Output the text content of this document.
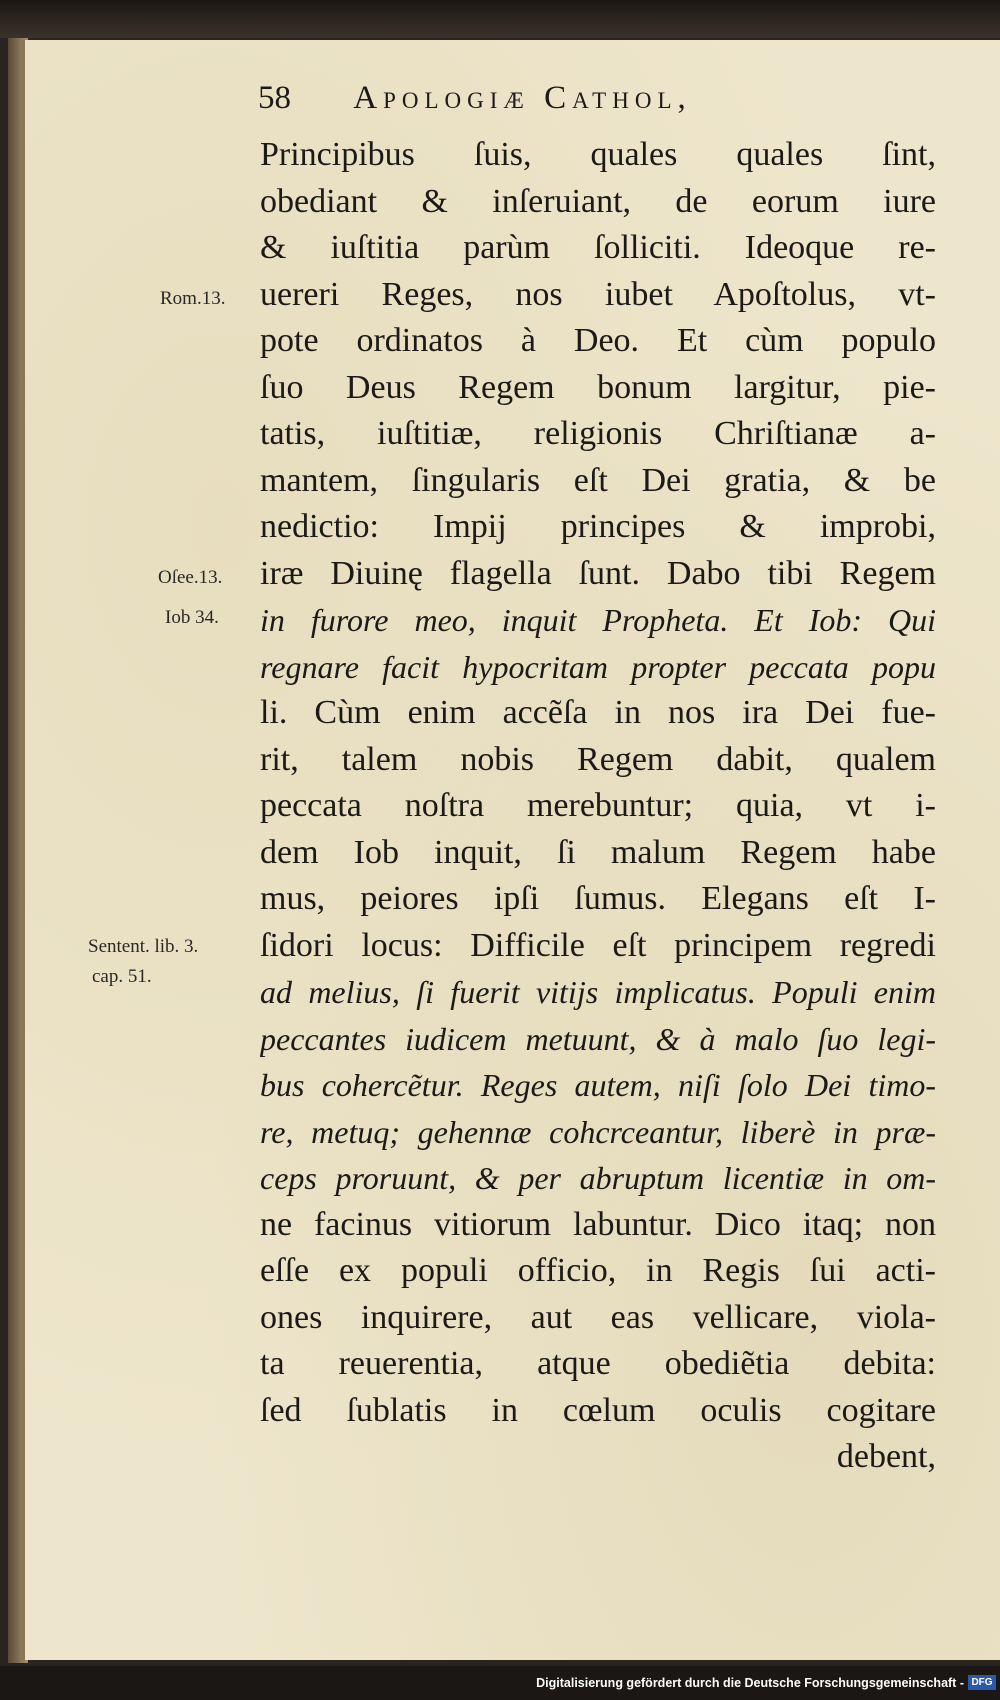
58 Apologiæ Cathol,
Principibus ſuis, quales quales ſint,
obediant & inſeruiant, de eorum iure
& iuſtitia parùm ſolliciti. Ideoque re-
uereri Reges, nos iubet Apoſtolus, vt-
pote ordinatos à Deo. Et cùm populo
ſuo Deus Regem bonum largitur, pie-
tatis, iuſtitiæ, religionis Chriſtianæ a-
mantem, ſingularis eſt Dei gratia, & be
nedictio: Impij principes & improbi,
iræ Diuinę flagella ſunt. Dabo tibi Regem
in furore meo, inquit Propheta. Et Iob: Qui
regnare facit hypocritam propter peccata popu
li. Cùm enim accẽſa in nos ira Dei fue-
rit, talem nobis Regem dabit, qualem
peccata noſtra merebuntur; quia, vt i-
dem Iob inquit, ſi malum Regem habe
mus, peiores ipſi ſumus. Elegans eſt I-
ſidori locus: Difficile eſt principem regredi
ad melius, ſi fuerit vitijs implicatus. Populi enim
peccantes iudicem metuunt, & à malo ſuo legi-
bus cohercẽtur. Reges autem, niſi ſolo Dei timo-
re, metuq; gehennæ cohcrceantur, liberè in præ-
ceps proruunt, & per abruptum licentiæ in om-
ne facinus vitiorum labuntur. Dico itaq; non
eſſe ex populi officio, in Regis ſui acti-
ones inquirere, aut eas vellicare, viola-
ta reuerentia, atque obediẽtia debita:
ſed ſublatis in cœlum oculis cogitare
debent,
Rom.13.
Oſee.13.
Iob 34.
Sentent. lib. 3.
cap. 51.
Digitalisierung gefördert durch die Deutsche Forschungsgemeinschaft - DFG
